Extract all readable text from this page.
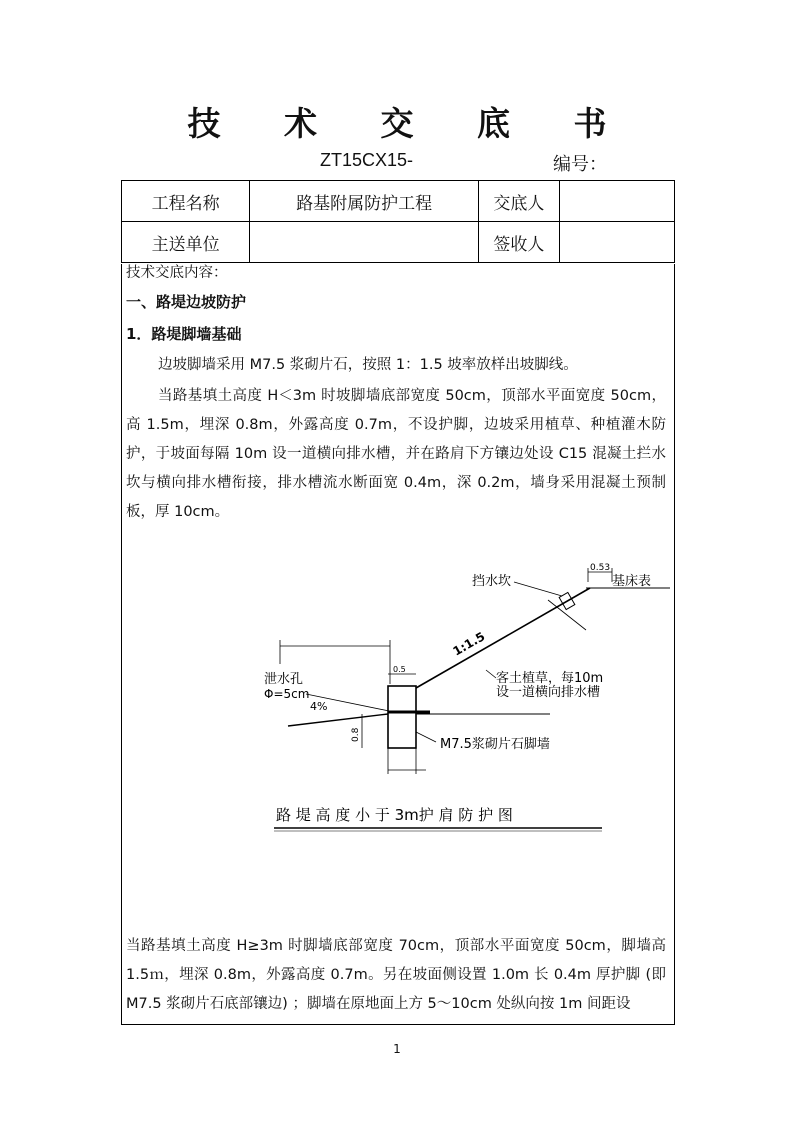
技 术 交 底 书
ZT15CX15-	编号：
工程名称	路基附属防护工程	交底人	
主送单位		签收人	
技术交底内容：
一、路堤边坡防护
1．路堤脚墙基础
边坡脚墙采用 M7.5 浆砌片石，按照 1：1.5 坡率放样出坡脚线。
当路基填土高度 H＜3m 时坡脚墙底部宽度 50cm，顶部水平面宽度 50cm，高 1.5m，埋深 0.8m，外露高度 0.7m，不设护脚，边坡采用植草、种植灌木防护，于坡面每隔 10m 设一道横向排水槽，并在路肩下方镶边处设 C15 混凝土拦水坎与横向排水槽衔接，排水槽流水断面宽 0.4m，深 0.2m，墙身采用混凝土预制板，厚 10cm。
0.53
挡水坎	基床表
1:1.5
客土植草，每10m
设一道横向排水槽
0.5
0.8
泄水孔
Φ=5cm
4%
M7.5浆砌片石脚墙
路 堤 高 度 小 于 3m护 肩 防 护 图
当路基填土高度 H≥3m 时脚墙底部宽度 70cm，顶部水平面宽度 50cm，脚墙高 1.5ｍ，埋深 0.8m，外露高度 0.7m。另在坡面侧设置 1.0m 长 0.4m 厚护脚 (即 M7.5 浆砌片石底部镶边) ；脚墙在原地面上方 5～10cm 处纵向按 1m 间距设
1
